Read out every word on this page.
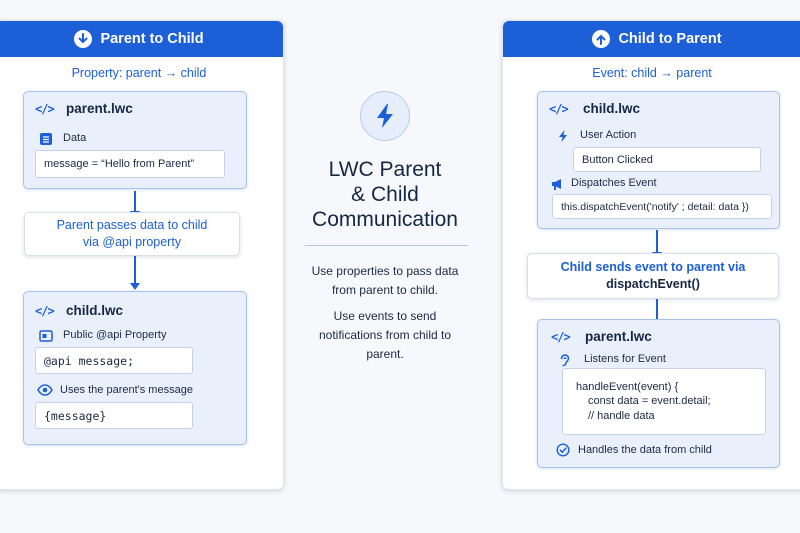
Parent to Child
Property: parent → child
</> parent.lwc
Data
message = “Hello from Parent”
Parent passes data to child
via @api property
</> child.lwc
Public @api Property
@api message;
Uses the parent's message
{message}
LWC Parent
& Child
Communication
Use properties to pass data
from parent to child.
Use events to send
notifications from child to
parent.
Child to Parent
Event: child → parent
</> child.lwc
User Action
Button Clicked
Dispatches Event
this.dispatchEvent('notify' ; detail: data })
Child sends event to parent via
dispatchEvent()
</> parent.lwc
Listens for Event
handleEvent(event) {
const data = event.detail;
// handle data
Handles the data from child
